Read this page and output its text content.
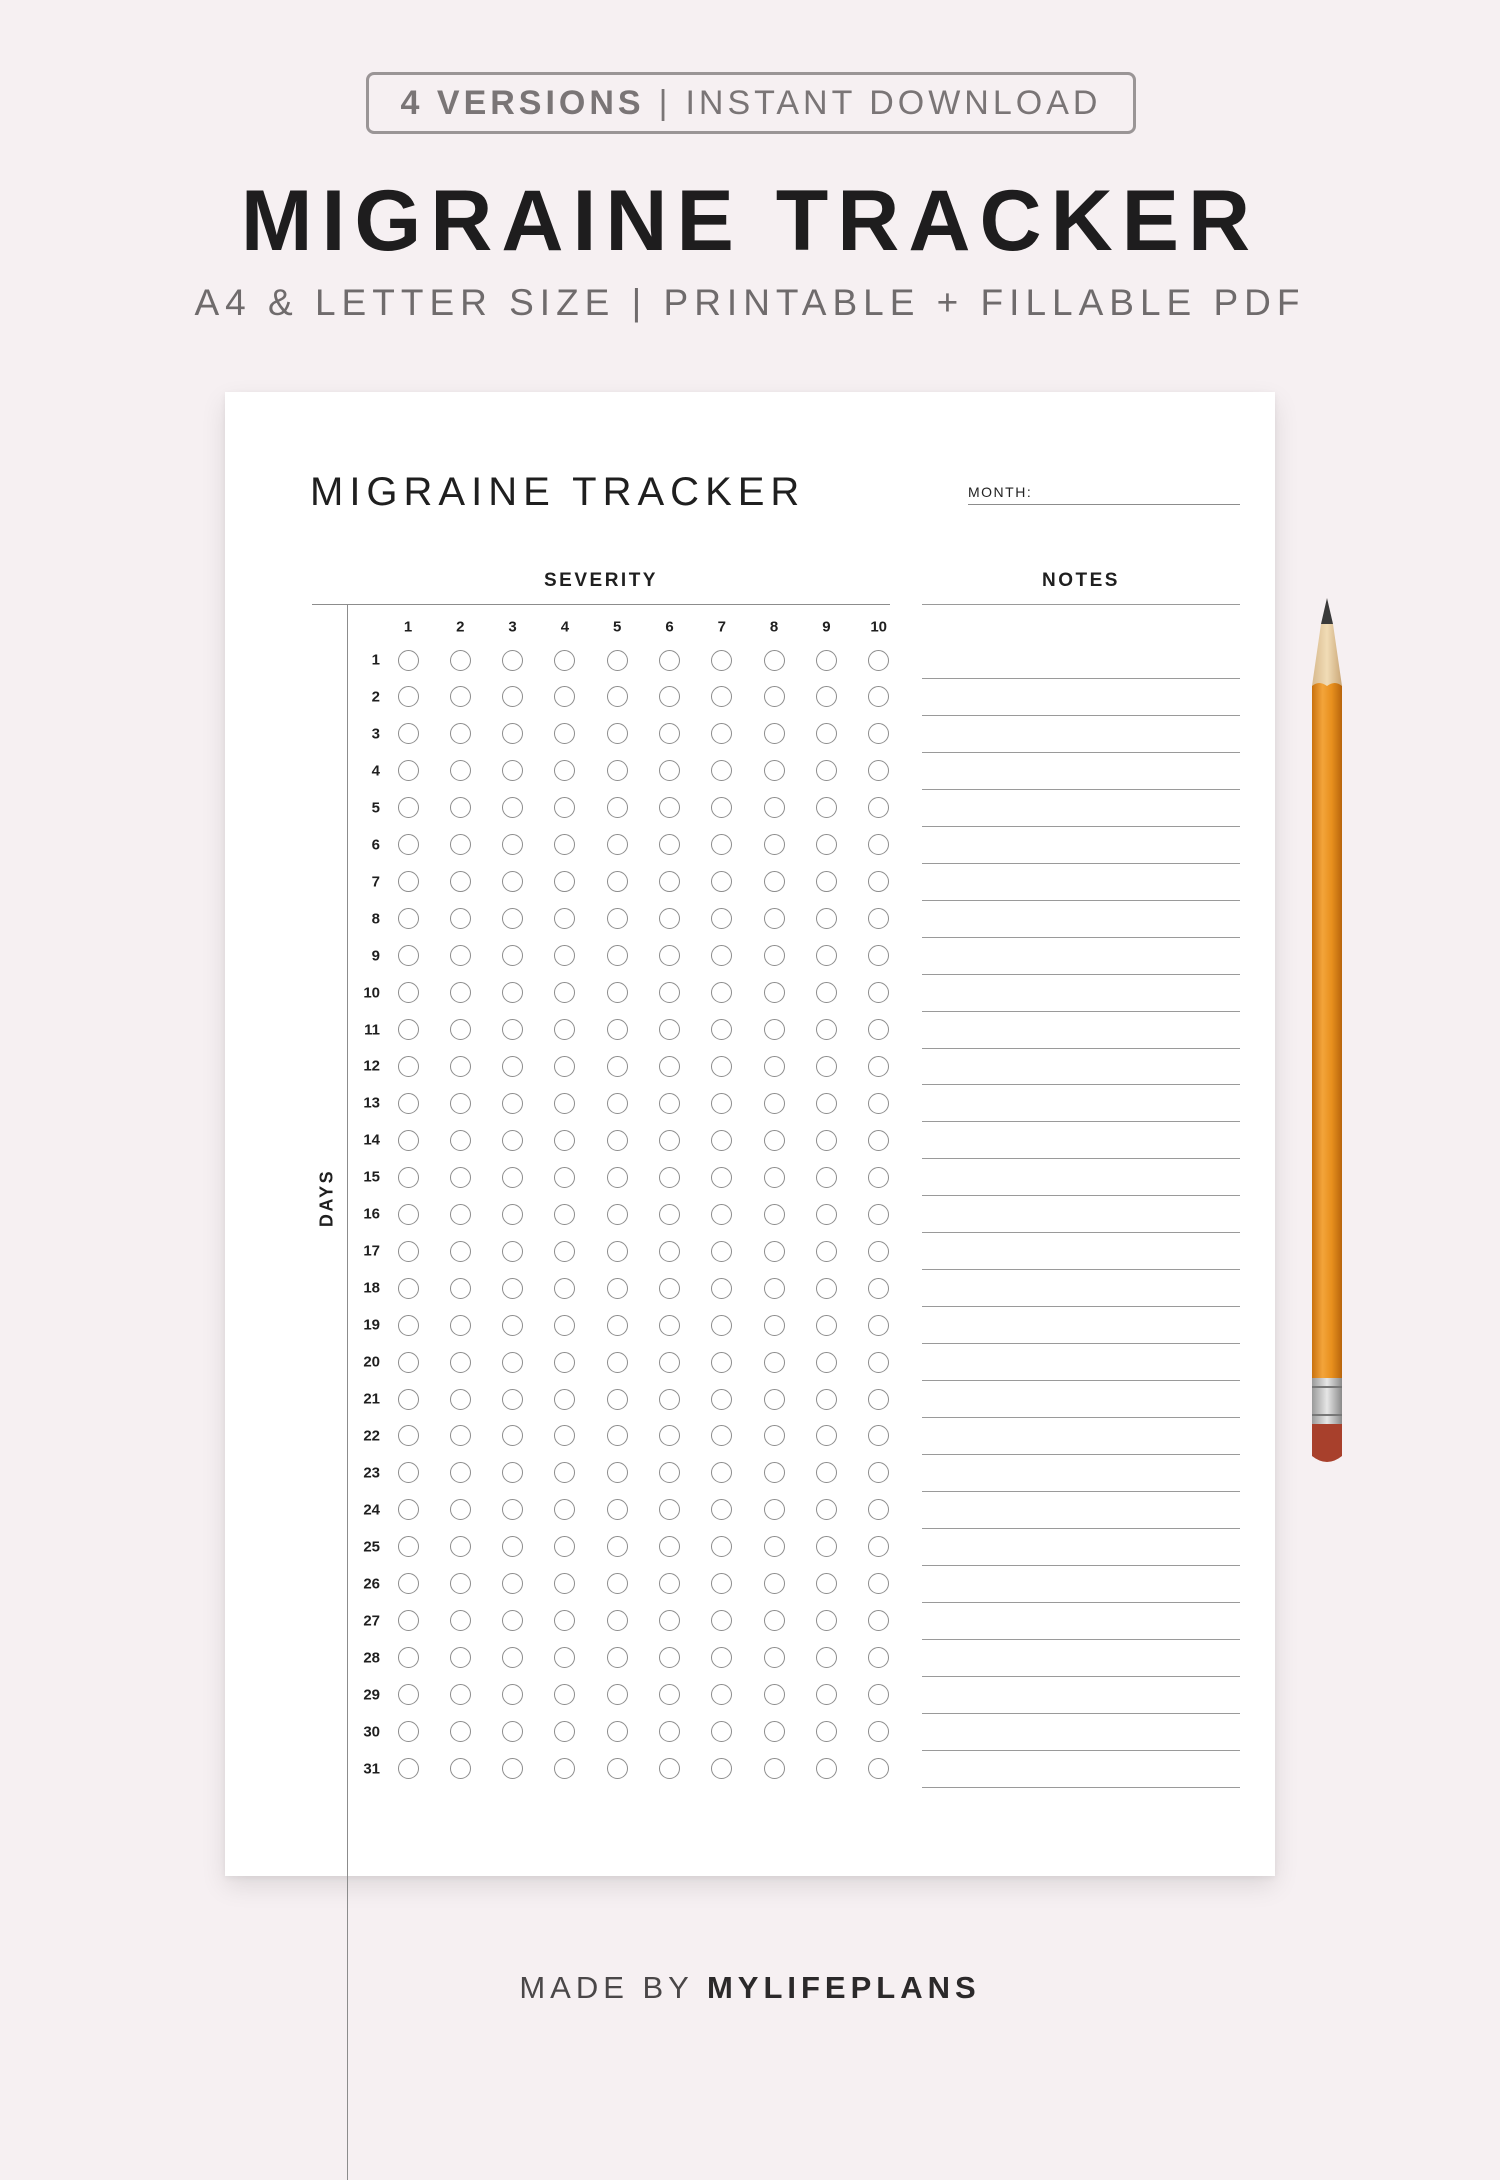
4 VERSIONS | INSTANT DOWNLOAD
MIGRAINE TRACKER
A4 & LETTER SIZE | PRINTABLE + FILLABLE PDF
MIGRAINE TRACKER	MONTH:
SEVERITY	NOTES
DAYS
1	2	3	4	5	6	7	8	9	10
1
2
3
4
5
6
7
8
9
10
11
12
13
14
15
16
17
18
19
20
21
22
23
24
25
26
27
28
29
30
31
MADE BY MYLIFEPLANS
